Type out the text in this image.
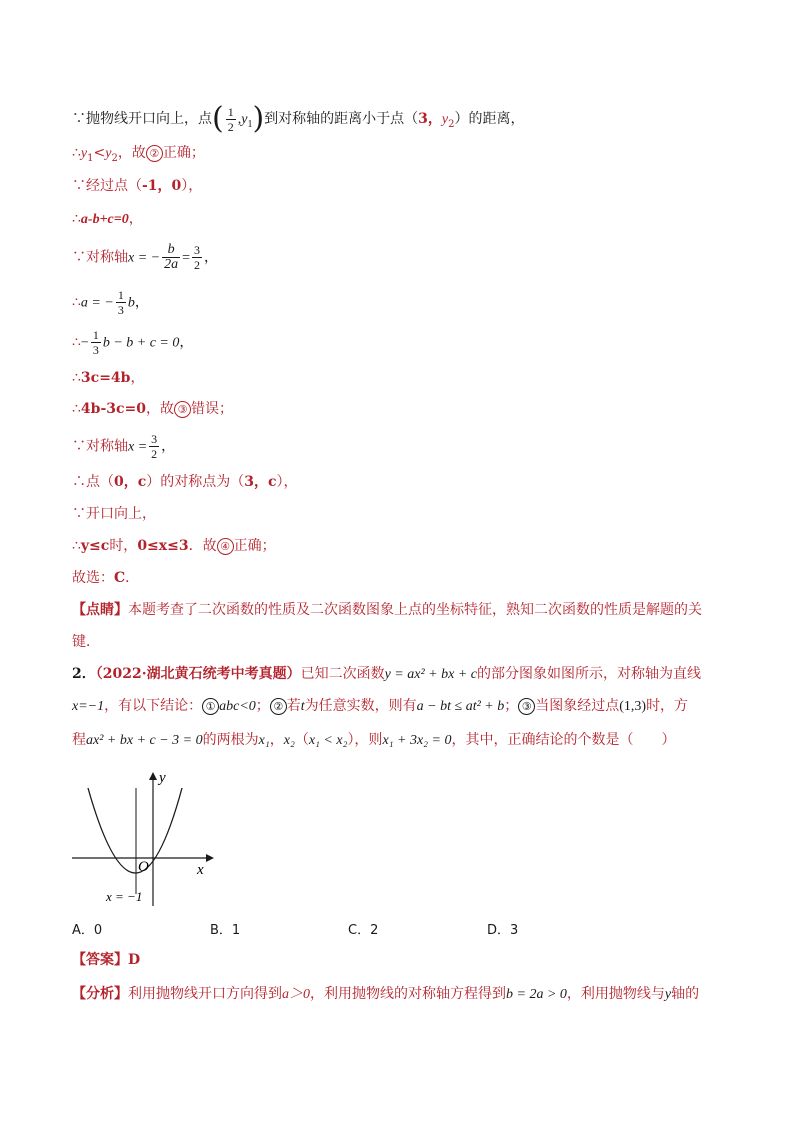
∵抛物线开口向上，点( $\frac{1}{2} ,y_1$)到对称轴的距离小于点（3，$y_2$）的距离，
$\therefore y_1<y_2$，故 ② 正确；
∵经过点（-1，0），
∴a-b+c=0，
∵对称轴x = − $\frac{b}{2a} = \frac{3}{2}$ ，
∴a = − $\frac{1}{3}$ b，
∴− $\frac{1}{3}$ b − b + c = 0，
∴3c=4b，
∴4b-3c=0，故 ③ 错误；
∵对称轴$x = \frac{3}{2}$ ，
∴点（0，c）的对称点为（3，c），
∵开口向上，
∴y≤c时，0≤x≤3．故 ④ 正确；
故选：C．
【点睛】本题考查了二次函数的性质及二次函数图象上点的坐标特征，熟知二次函数的性质是解题的关
键．
2．（2022·湖北黄石统考中考真题）已知二次函数y = ax² + bx + c的部分图象如图所示，对称轴为直线
x=−1，有以下结论： ① abc<0； ② 若t为任意实数，则有a − bt ≤ at² + b； ③ 当图象经过点(1,3)时，方
程ax² + bx + c − 3 = 0的两根为x₁，x₂（x₁ < x₂），则x₁ + 3x₂ = 0，其中，正确结论的个数是（　　）
y
x
O
x = −1
A．0	B．1	C．2	D．3
【答案】D
【分析】利用抛物线开口方向得到a＞0，利用抛物线的对称轴方程得到b = 2a > 0，利用抛物线与y轴的
